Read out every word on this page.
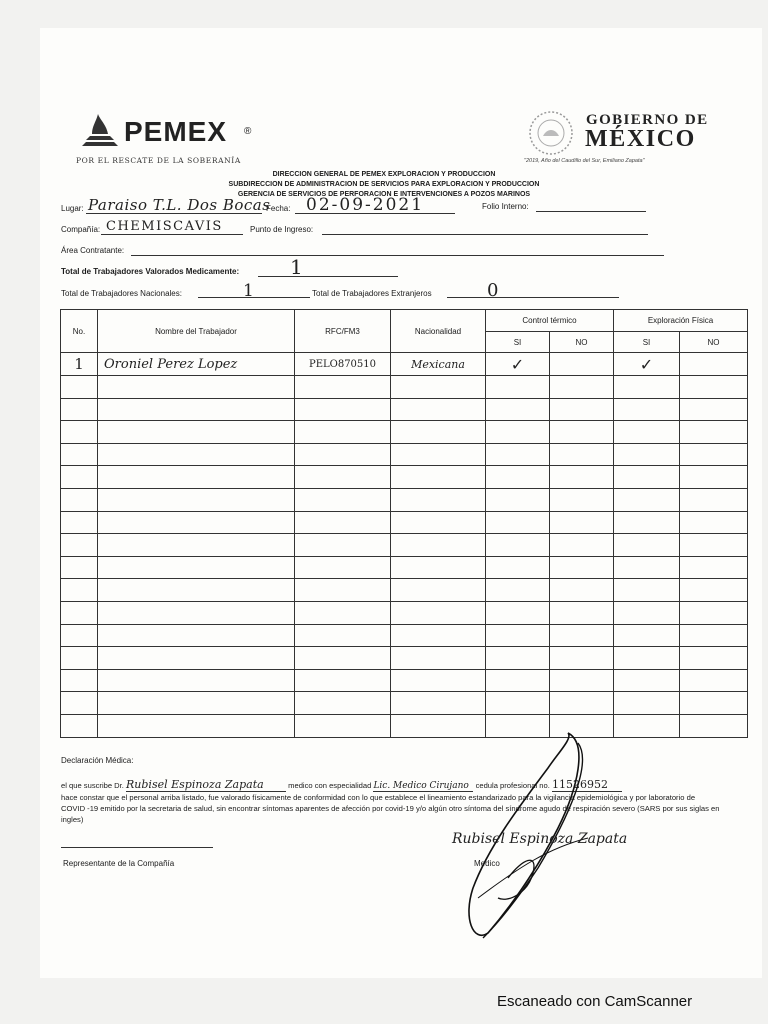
PEMEX ®
POR EL RESCATE DE LA SOBERANÍA
GOBIERNO DE
MÉXICO
"2019, Año del Caudillo del Sur, Emiliano Zapata"
DIRECCION GENERAL DE PEMEX EXPLORACION Y PRODUCCION
SUBDIRECCION DE ADMINISTRACION DE SERVICIOS PARA EXPLORACION Y PRODUCCION
GERENCIA DE SERVICIOS DE PERFORACION E INTERVENCIONES A POZOS MARINOS
Lugar: Paraiso T.L. Dos Bocas
Fecha: 02-09-2021	Folio Interno:
Compañía: CHEMISCAVIS	Punto de Ingreso:
Área Contratante:
Total de Trabajadores Valorados Medicamente:	1
Total de Trabajadores Nacionales:	1	Total de Trabajadores Extranjeros	0
No.	Nombre del Trabajador	RFC/FM3	Nacionalidad	Control térmico		Exploración Física	
				SI	NO	SI	NO
1	Oroniel Perez Lopez	PELO870510	Mexicana	✓		✓	

Declaración Médica:
el que suscribe Dr. Rubisel Espinoza Zapata	medico con especialidad Lic. Medico Cirujano cedula profesional no. 11526952
hace constar que el personal arriba listado, fue valorado físicamente de conformidad con lo que establece el lineamiento estandarizado para la vigilancia epidemiológica y por laboratorio de COVID -19 emitido por la secretaria de salud, sin encontrar síntomas aparentes de afección por covid-19 y/o algún otro síntoma del síndrome agudo de respiración severo (SARS por sus siglas en ingles)
Rubisel Espinoza Zapata
Representante de la Compañía	Medico
Escaneado con CamScanner
